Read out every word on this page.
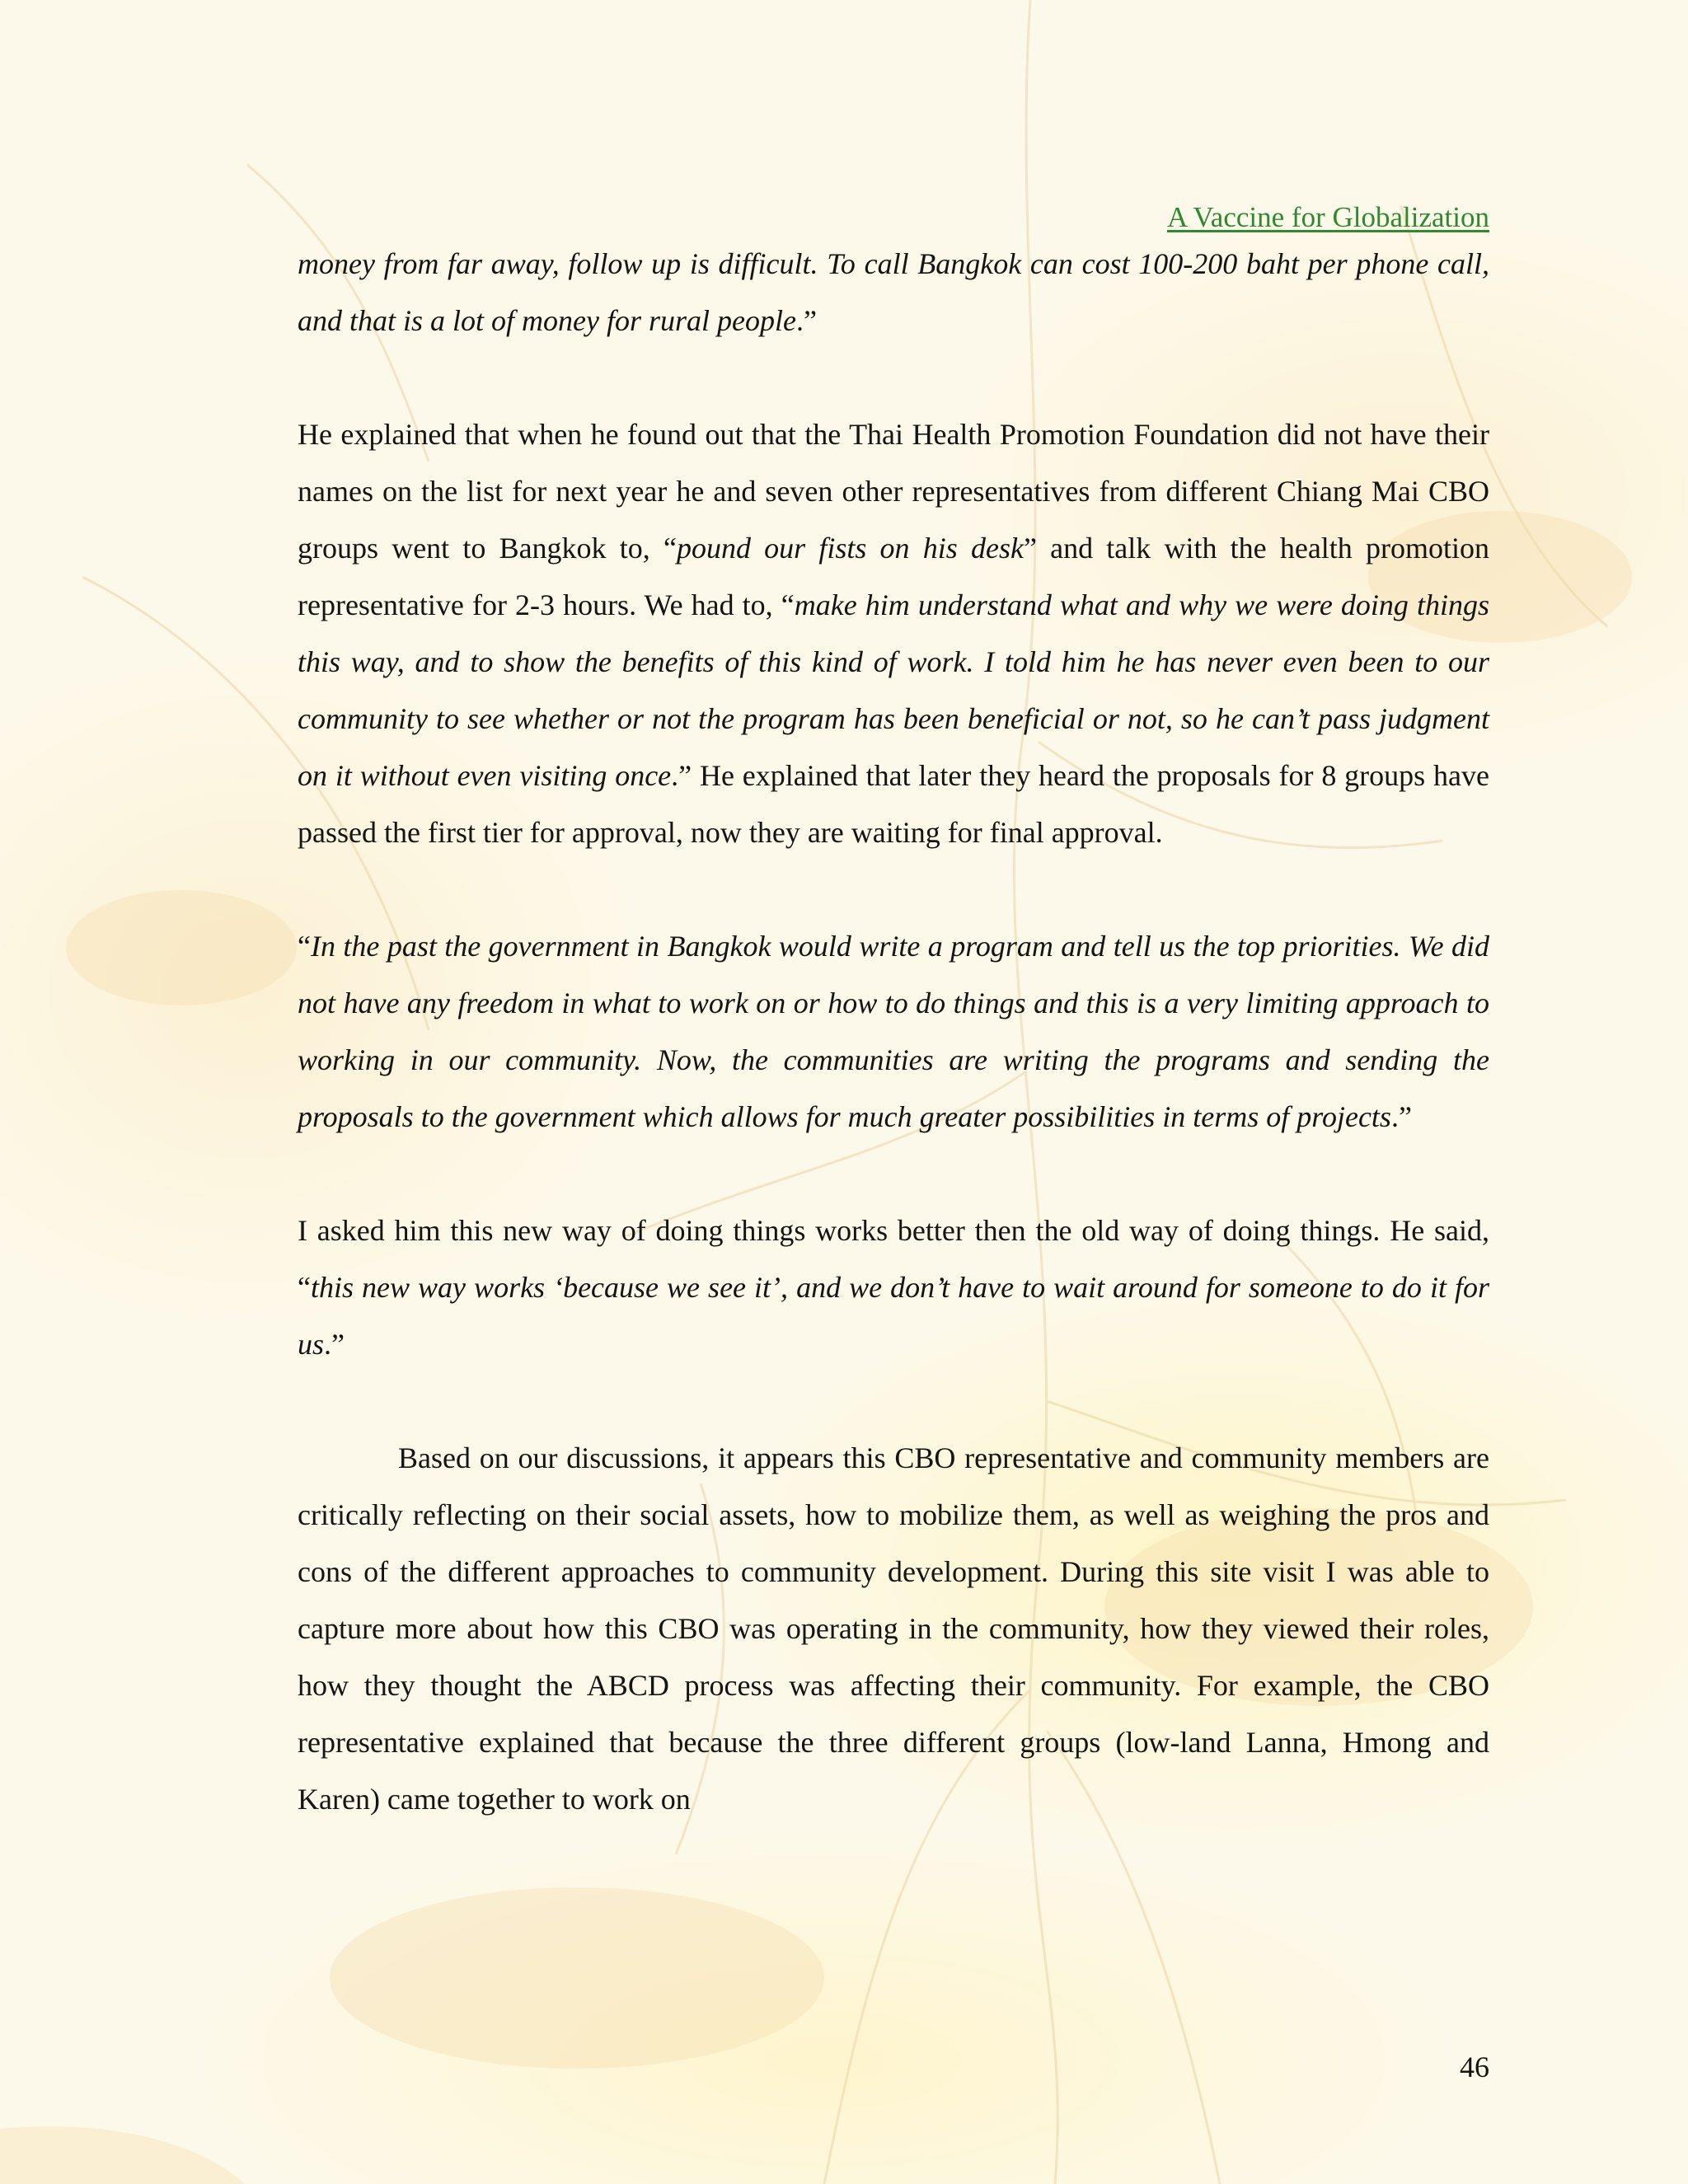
A Vaccine for Globalization

money from far away, follow up is difficult. To call Bangkok can cost 100-200 baht per phone call, and that is a lot of money for rural people.”

He explained that when he found out that the Thai Health Promotion Foundation did not have their names on the list for next year he and seven other representatives from different Chiang Mai CBO groups went to Bangkok to, “pound our fists on his desk” and talk with the health promotion representative for 2-3 hours. We had to, “make him understand what and why we were doing things this way, and to show the benefits of this kind of work. I told him he has never even been to our community to see whether or not the program has been beneficial or not, so he can’t pass judgment on it without even visiting once.” He explained that later they heard the proposals for 8 groups have passed the first tier for approval, now they are waiting for final approval.

“In the past the government in Bangkok would write a program and tell us the top priorities. We did not have any freedom in what to work on or how to do things and this is a very limiting approach to working in our community. Now, the communities are writing the programs and sending the proposals to the government which allows for much greater possibilities in terms of projects.”

I asked him this new way of doing things works better then the old way of doing things. He said, “this new way works ‘because we see it’, and we don’t have to wait around for someone to do it for us.”

Based on our discussions, it appears this CBO representative and community members are critically reflecting on their social assets, how to mobilize them, as well as weighing the pros and cons of the different approaches to community development. During this site visit I was able to capture more about how this CBO was operating in the community, how they viewed their roles, how they thought the ABCD process was affecting their community. For example, the CBO representative explained that because the three different groups (low-land Lanna, Hmong and Karen) came together to work on

46
